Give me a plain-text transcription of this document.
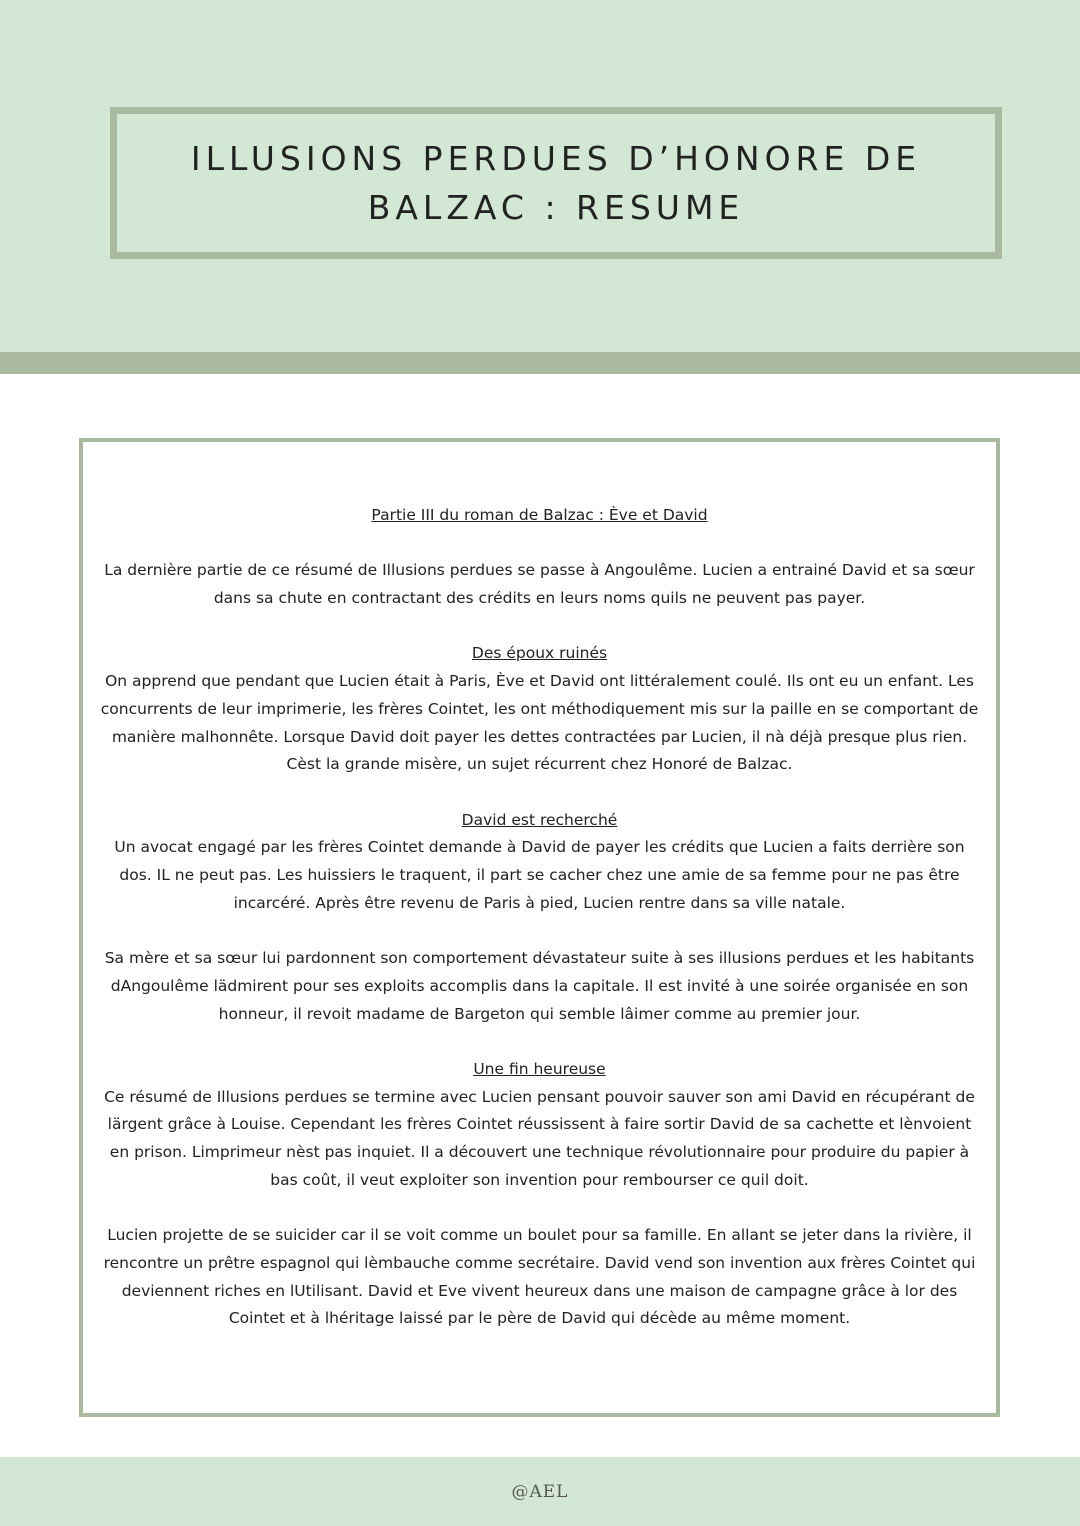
ILLUSIONS PERDUES D’HONORE DE BALZAC : RESUME

Partie III du roman de Balzac : Ève et David

La dernière partie de ce résumé de Illusions perdues se passe à Angoulême. Lucien a entrainé David et sa sœur dans sa chute en contractant des crédits en leurs noms quils ne peuvent pas payer.

Des époux ruinés

On apprend que pendant que Lucien était à Paris, Ève et David ont littéralement coulé. Ils ont eu un enfant. Les concurrents de leur imprimerie, les frères Cointet, les ont méthodiquement mis sur la paille en se comportant de manière malhonnête. Lorsque David doit payer les dettes contractées par Lucien, il nà déjà presque plus rien. Cèst la grande misère, un sujet récurrent chez Honoré de Balzac.

David est recherché

Un avocat engagé par les frères Cointet demande à David de payer les crédits que Lucien a faits derrière son dos. IL ne peut pas. Les huissiers le traquent, il part se cacher chez une amie de sa femme pour ne pas être incarcéré. Après être revenu de Paris à pied, Lucien rentre dans sa ville natale.

Sa mère et sa sœur lui pardonnent son comportement dévastateur suite à ses illusions perdues et les habitants dAngoulême lädmirent pour ses exploits accomplis dans la capitale. Il est invité à une soirée organisée en son honneur, il revoit madame de Bargeton qui semble lâimer comme au premier jour.

Une fin heureuse

Ce résumé de Illusions perdues se termine avec Lucien pensant pouvoir sauver son ami David en récupérant de lärgent grâce à Louise. Cependant les frères Cointet réussissent à faire sortir David de sa cachette et lènvoient en prison. Limprimeur nèst pas inquiet. Il a découvert une technique révolutionnaire pour produire du papier à bas coût, il veut exploiter son invention pour rembourser ce quil doit.

Lucien projette de se suicider car il se voit comme un boulet pour sa famille. En allant se jeter dans la rivière, il rencontre un prêtre espagnol qui lèmbauche comme secrétaire. David vend son invention aux frères Cointet qui deviennent riches en lUtilisant. David et Eve vivent heureux dans une maison de campagne grâce à lor des Cointet et à lhéritage laissé par le père de David qui décède au même moment.

@AEL
